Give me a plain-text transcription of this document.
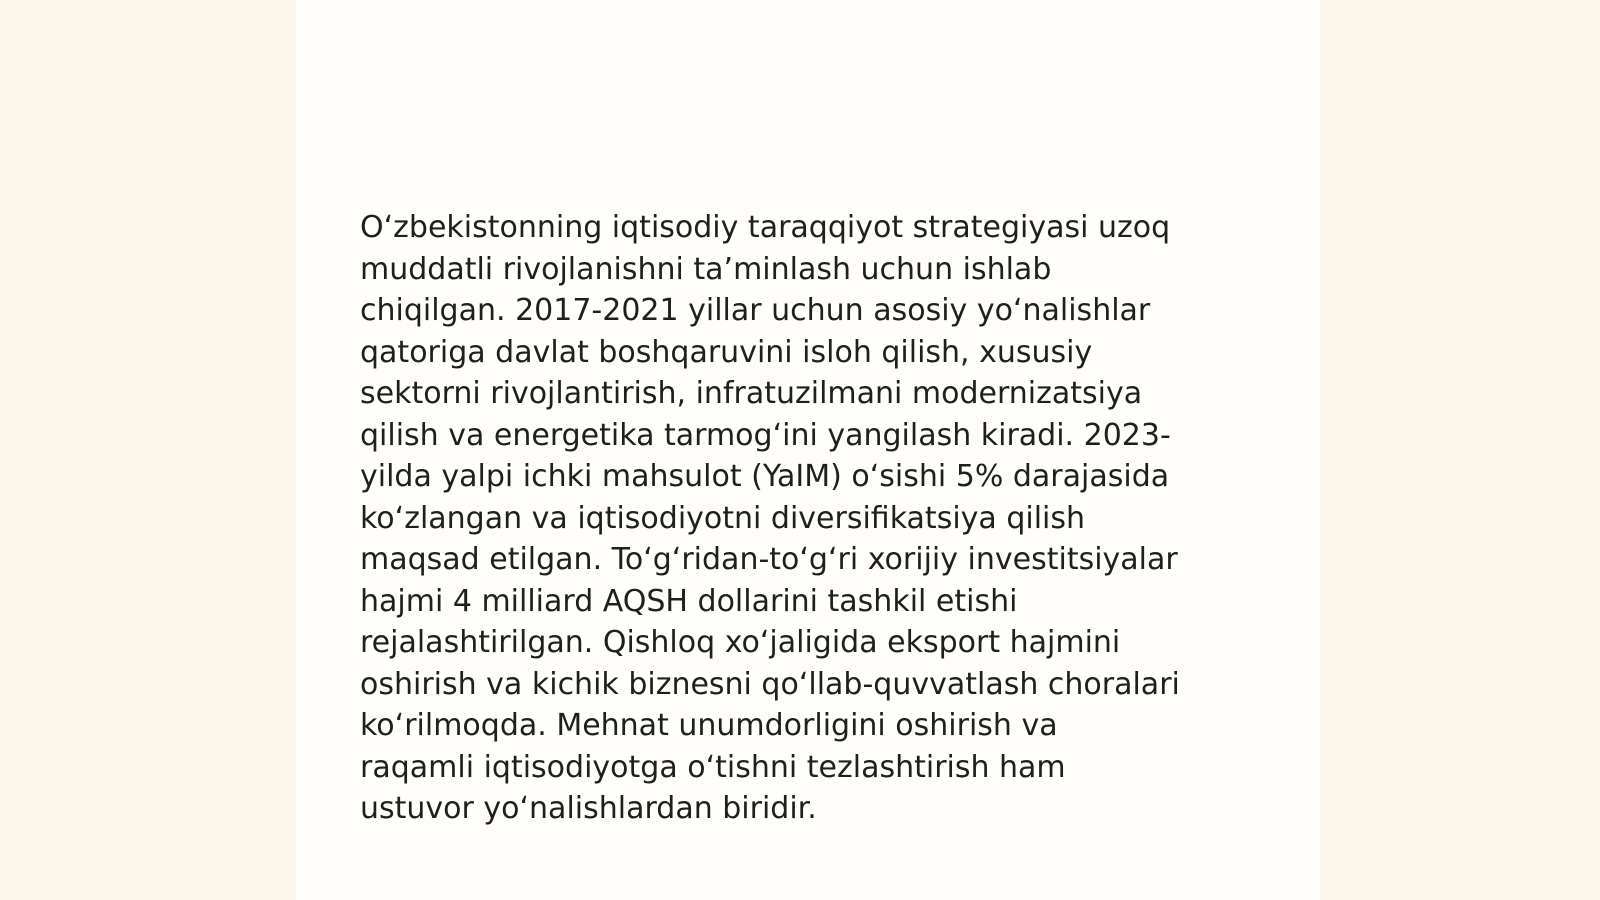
O‘zbekistonning iqtisodiy taraqqiyot strategiyasi uzoq
muddatli rivojlanishni ta’minlash uchun ishlab
chiqilgan. 2017-2021 yillar uchun asosiy yo‘nalishlar
qatoriga davlat boshqaruvini isloh qilish, xususiy
sektorni rivojlantirish, infratuzilmani modernizatsiya
qilish va energetika tarmog‘ini yangilash kiradi. 2023-
yilda yalpi ichki mahsulot (YaIM) o‘sishi 5% darajasida
ko‘zlangan va iqtisodiyotni diversifikatsiya qilish
maqsad etilgan. To‘g‘ridan-to‘g‘ri xorijiy investitsiyalar
hajmi 4 milliard AQSH dollarini tashkil etishi
rejalashtirilgan. Qishloq xo‘jaligida eksport hajmini
oshirish va kichik biznesni qo‘llab-quvvatlash choralari
ko‘rilmoqda. Mehnat unumdorligini oshirish va
raqamli iqtisodiyotga o‘tishni tezlashtirish ham
ustuvor yo‘nalishlardan biridir.
